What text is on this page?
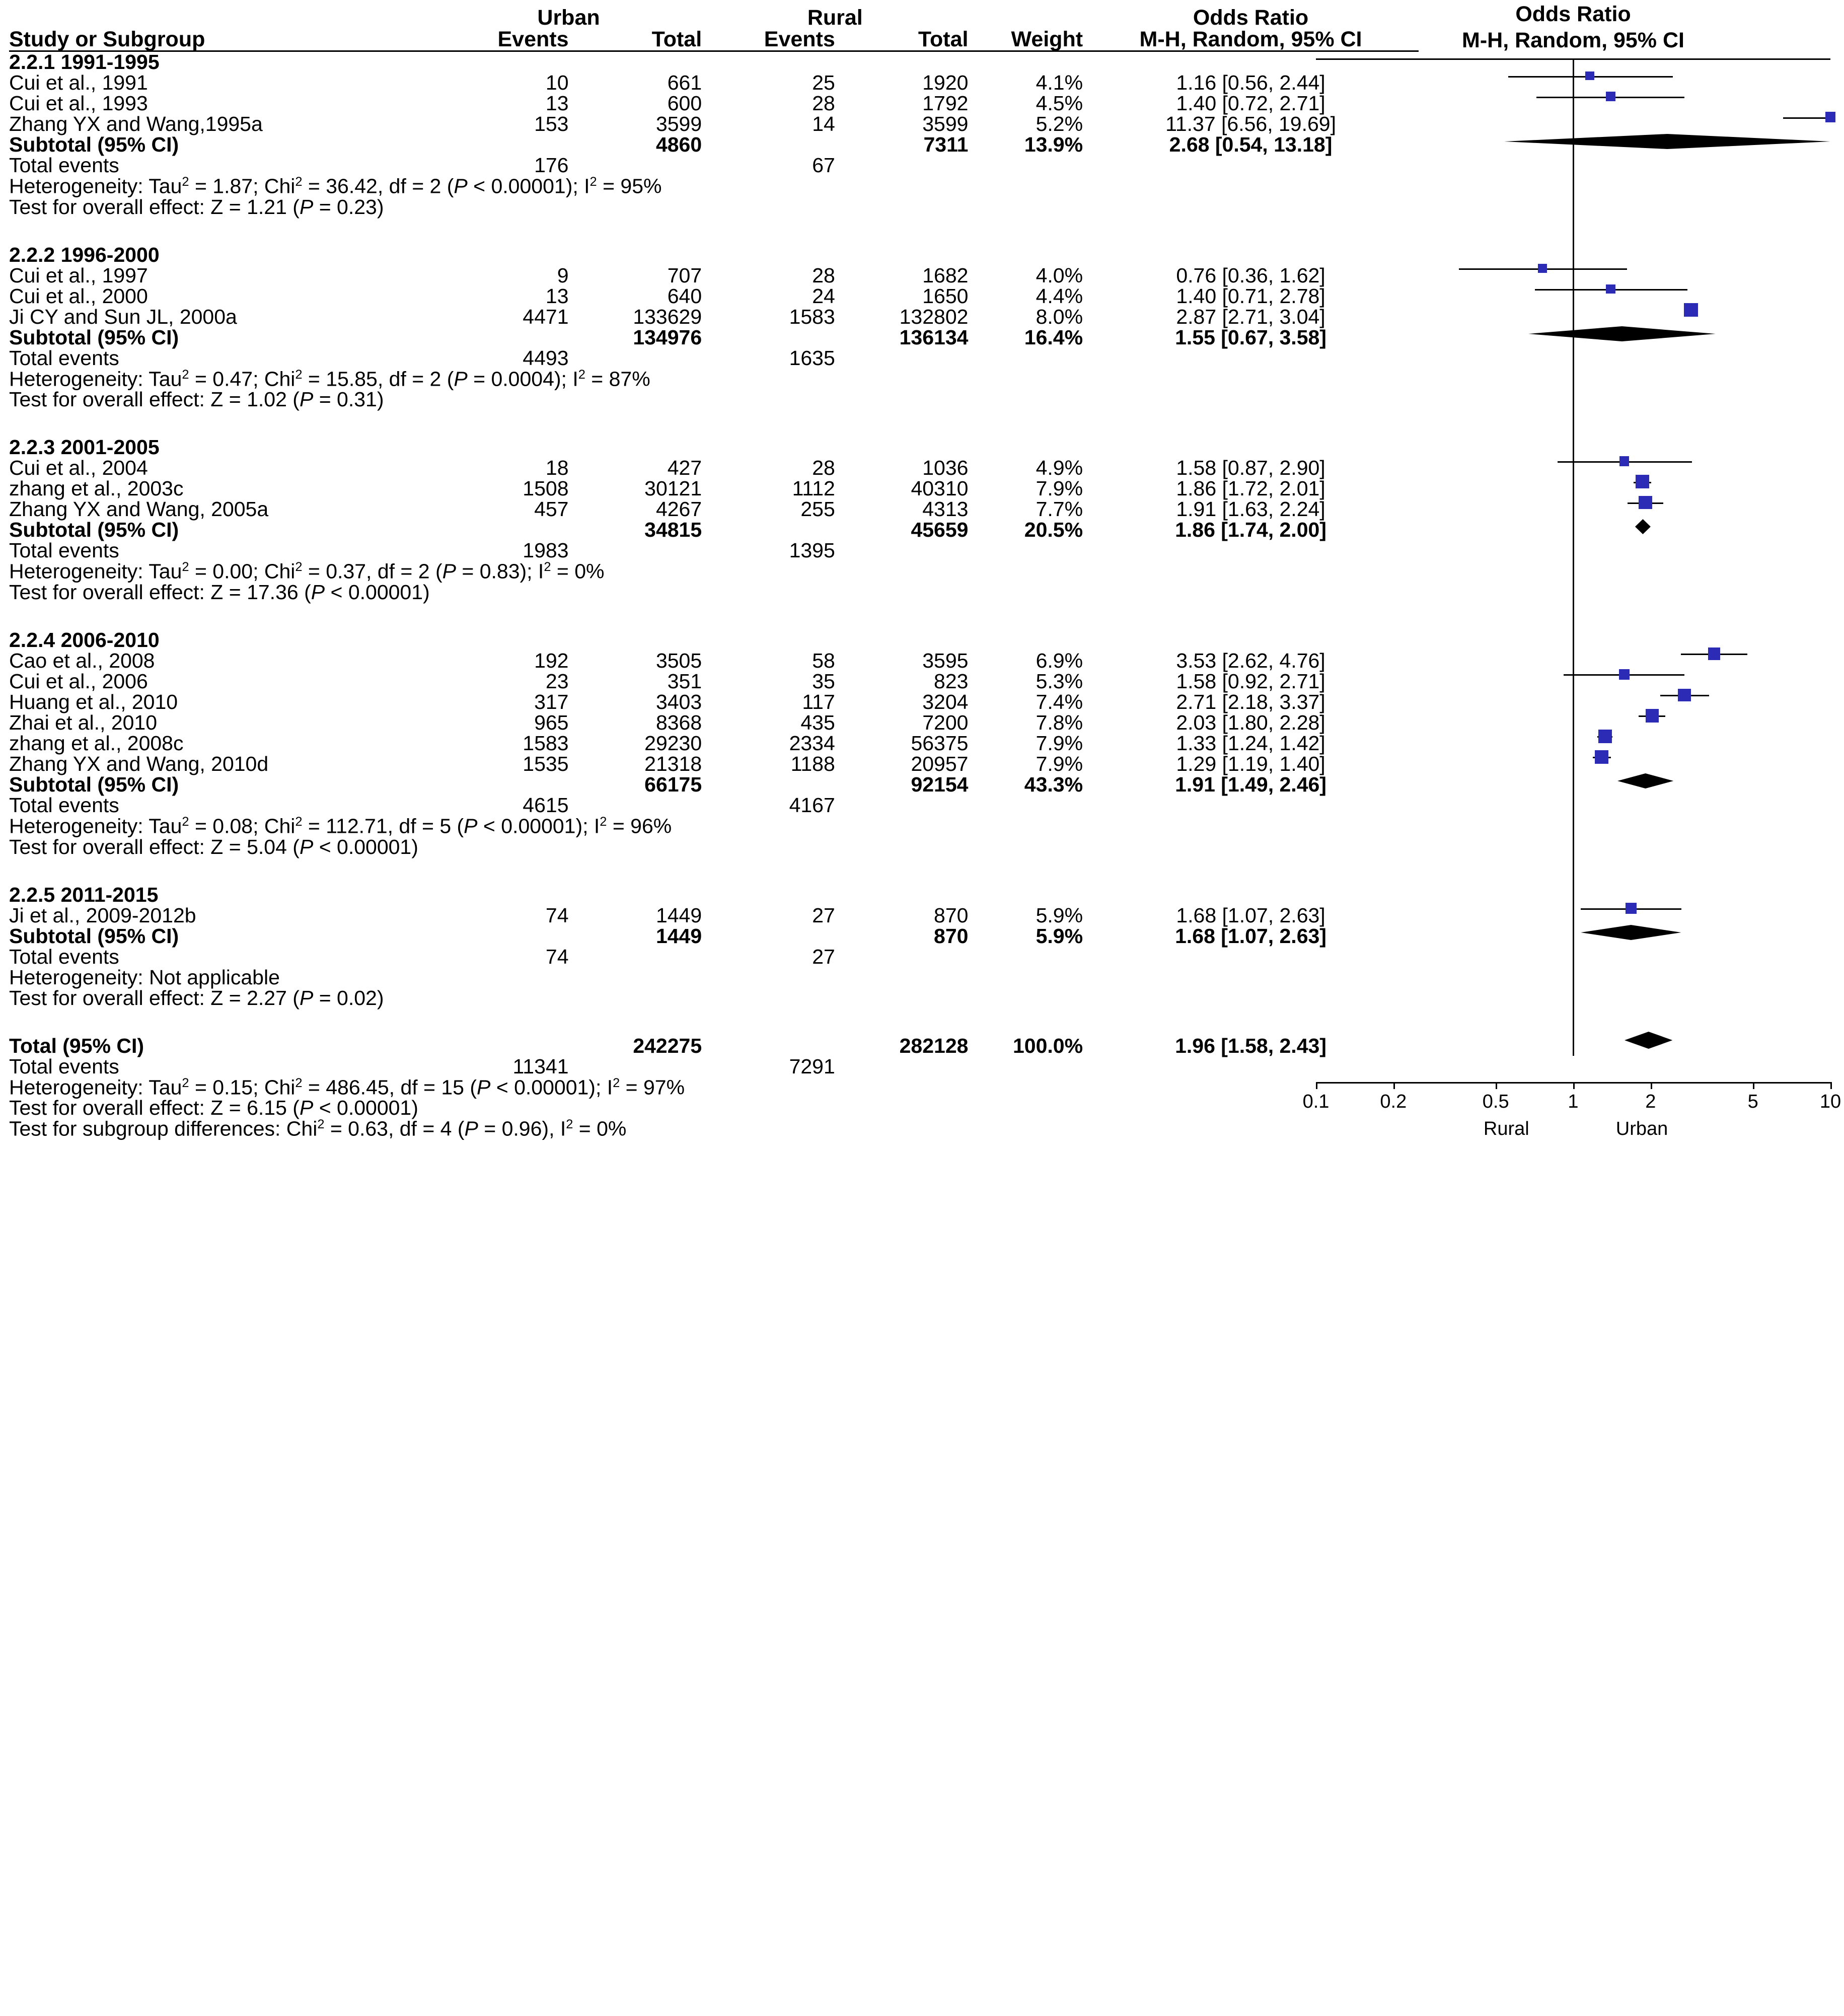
	Urban		Rural			Odds Ratio
Study or Subgroup	Events	Total	Events	Total	Weight	M-H, Random, 95% CI
2.2.1 1991-1995						
Cui et al., 1991	10	661	25	1920	4.1%	1.16 [0.56, 2.44]
Cui et al., 1993	13	600	28	1792	4.5%	1.40 [0.72, 2.71]
Zhang YX and Wang,1995a	153	3599	14	3599	5.2%	11.37 [6.56, 19.69]
Subtotal (95% CI)		4860		7311	13.9%	2.68 [0.54, 13.18]
Total events	176		67			
Heterogeneity: Tau$^2$ = 1.87; Chi$^2$ = 36.42, df = 2 (P < 0.00001); $I^2 = 95\%$						
Test for overall effect: Z = 1.21 (P = 0.23)						

2.2.2 1996-2000						
Cui et al., 1997	9	707	28	1682	4.0%	0.76 [0.36, 1.62]
Cui et al., 2000	13	640	24	1650	4.4%	1.40 [0.71, 2.78]
Ji CY and Sun JL, 2000a	4471	133629	1583	132802	8.0%	2.87 [2.71, 3.04]
Subtotal (95% CI)		134976		136134	16.4%	1.55 [0.67, 3.58]
Total events	4493		1635			
Heterogeneity: Tau$^2$ = 0.47; Chi$^2$ = 15.85, df = 2 (P = 0.0004); $I^2 = 87\%$						
Test for overall effect: Z = 1.02 (P = 0.31)						

2.2.3 2001-2005						
Cui et al., 2004	18	427	28	1036	4.9%	1.58 [0.87, 2.90]
zhang et al., 2003c	1508	30121	1112	40310	7.9%	1.86 [1.72, 2.01]
Zhang YX and Wang, 2005a	457	4267	255	4313	7.7%	1.91 [1.63, 2.24]
Subtotal (95% CI)		34815		45659	20.5%	1.86 [1.74, 2.00]
Total events	1983		1395			
Heterogeneity: Tau$^2$ = 0.00; Chi$^2$ = 0.37, df = 2 (P = 0.83); $I^2 = 0\%$						
Test for overall effect: Z = 17.36 (P < 0.00001)						

2.2.4 2006-2010						
Cao et al., 2008	192	3505	58	3595	6.9%	3.53 [2.62, 4.76]
Cui et al., 2006	23	351	35	823	5.3%	1.58 [0.92, 2.71]
Huang et al., 2010	317	3403	117	3204	7.4%	2.71 [2.18, 3.37]
Zhai et al., 2010	965	8368	435	7200	7.8%	2.03 [1.80, 2.28]
zhang et al., 2008c	1583	29230	2334	56375	7.9%	1.33 [1.24, 1.42]
Zhang YX and Wang, 2010d	1535	21318	1188	20957	7.9%	1.29 [1.19, 1.40]
Subtotal (95% CI)		66175		92154	43.3%	1.91 [1.49, 2.46]
Total events	4615		4167			
Heterogeneity: Tau$^2$ = 0.08; Chi$^2$ = 112.71, df = 5 (P < 0.00001); $I^2 = 96\%$						
Test for overall effect: Z = 5.04 (P < 0.00001)						

2.2.5 2011-2015						
Ji et al., 2009-2012b	74	1449	27	870	5.9%	1.68 [1.07, 2.63]
Subtotal (95% CI)		1449		870	5.9%	1.68 [1.07, 2.63]
Total events	74		27			
Heterogeneity: Not applicable						
Test for overall effect: Z = 2.27 (P = 0.02)						

Total (95% CI)		242275		282128	100.0%	1.96 [1.58, 2.43]
Total events	11341		7291			
Heterogeneity: Tau$^2$ = 0.15; Chi$^2$ = 486.45, df = 15 (P < 0.00001); $I^2 = 97\%$						
Test for overall effect: Z = 6.15 (P < 0.00001)						
Test for subgroup differences: Chi$^2$ = 0.63, df = 4 (P = 0.96), $I^2 = 0\%$						
Odds Ratio
M-H, Random, 95% CI
0.1	0.2	0.5	1	2	5	10
Rural	Urban
